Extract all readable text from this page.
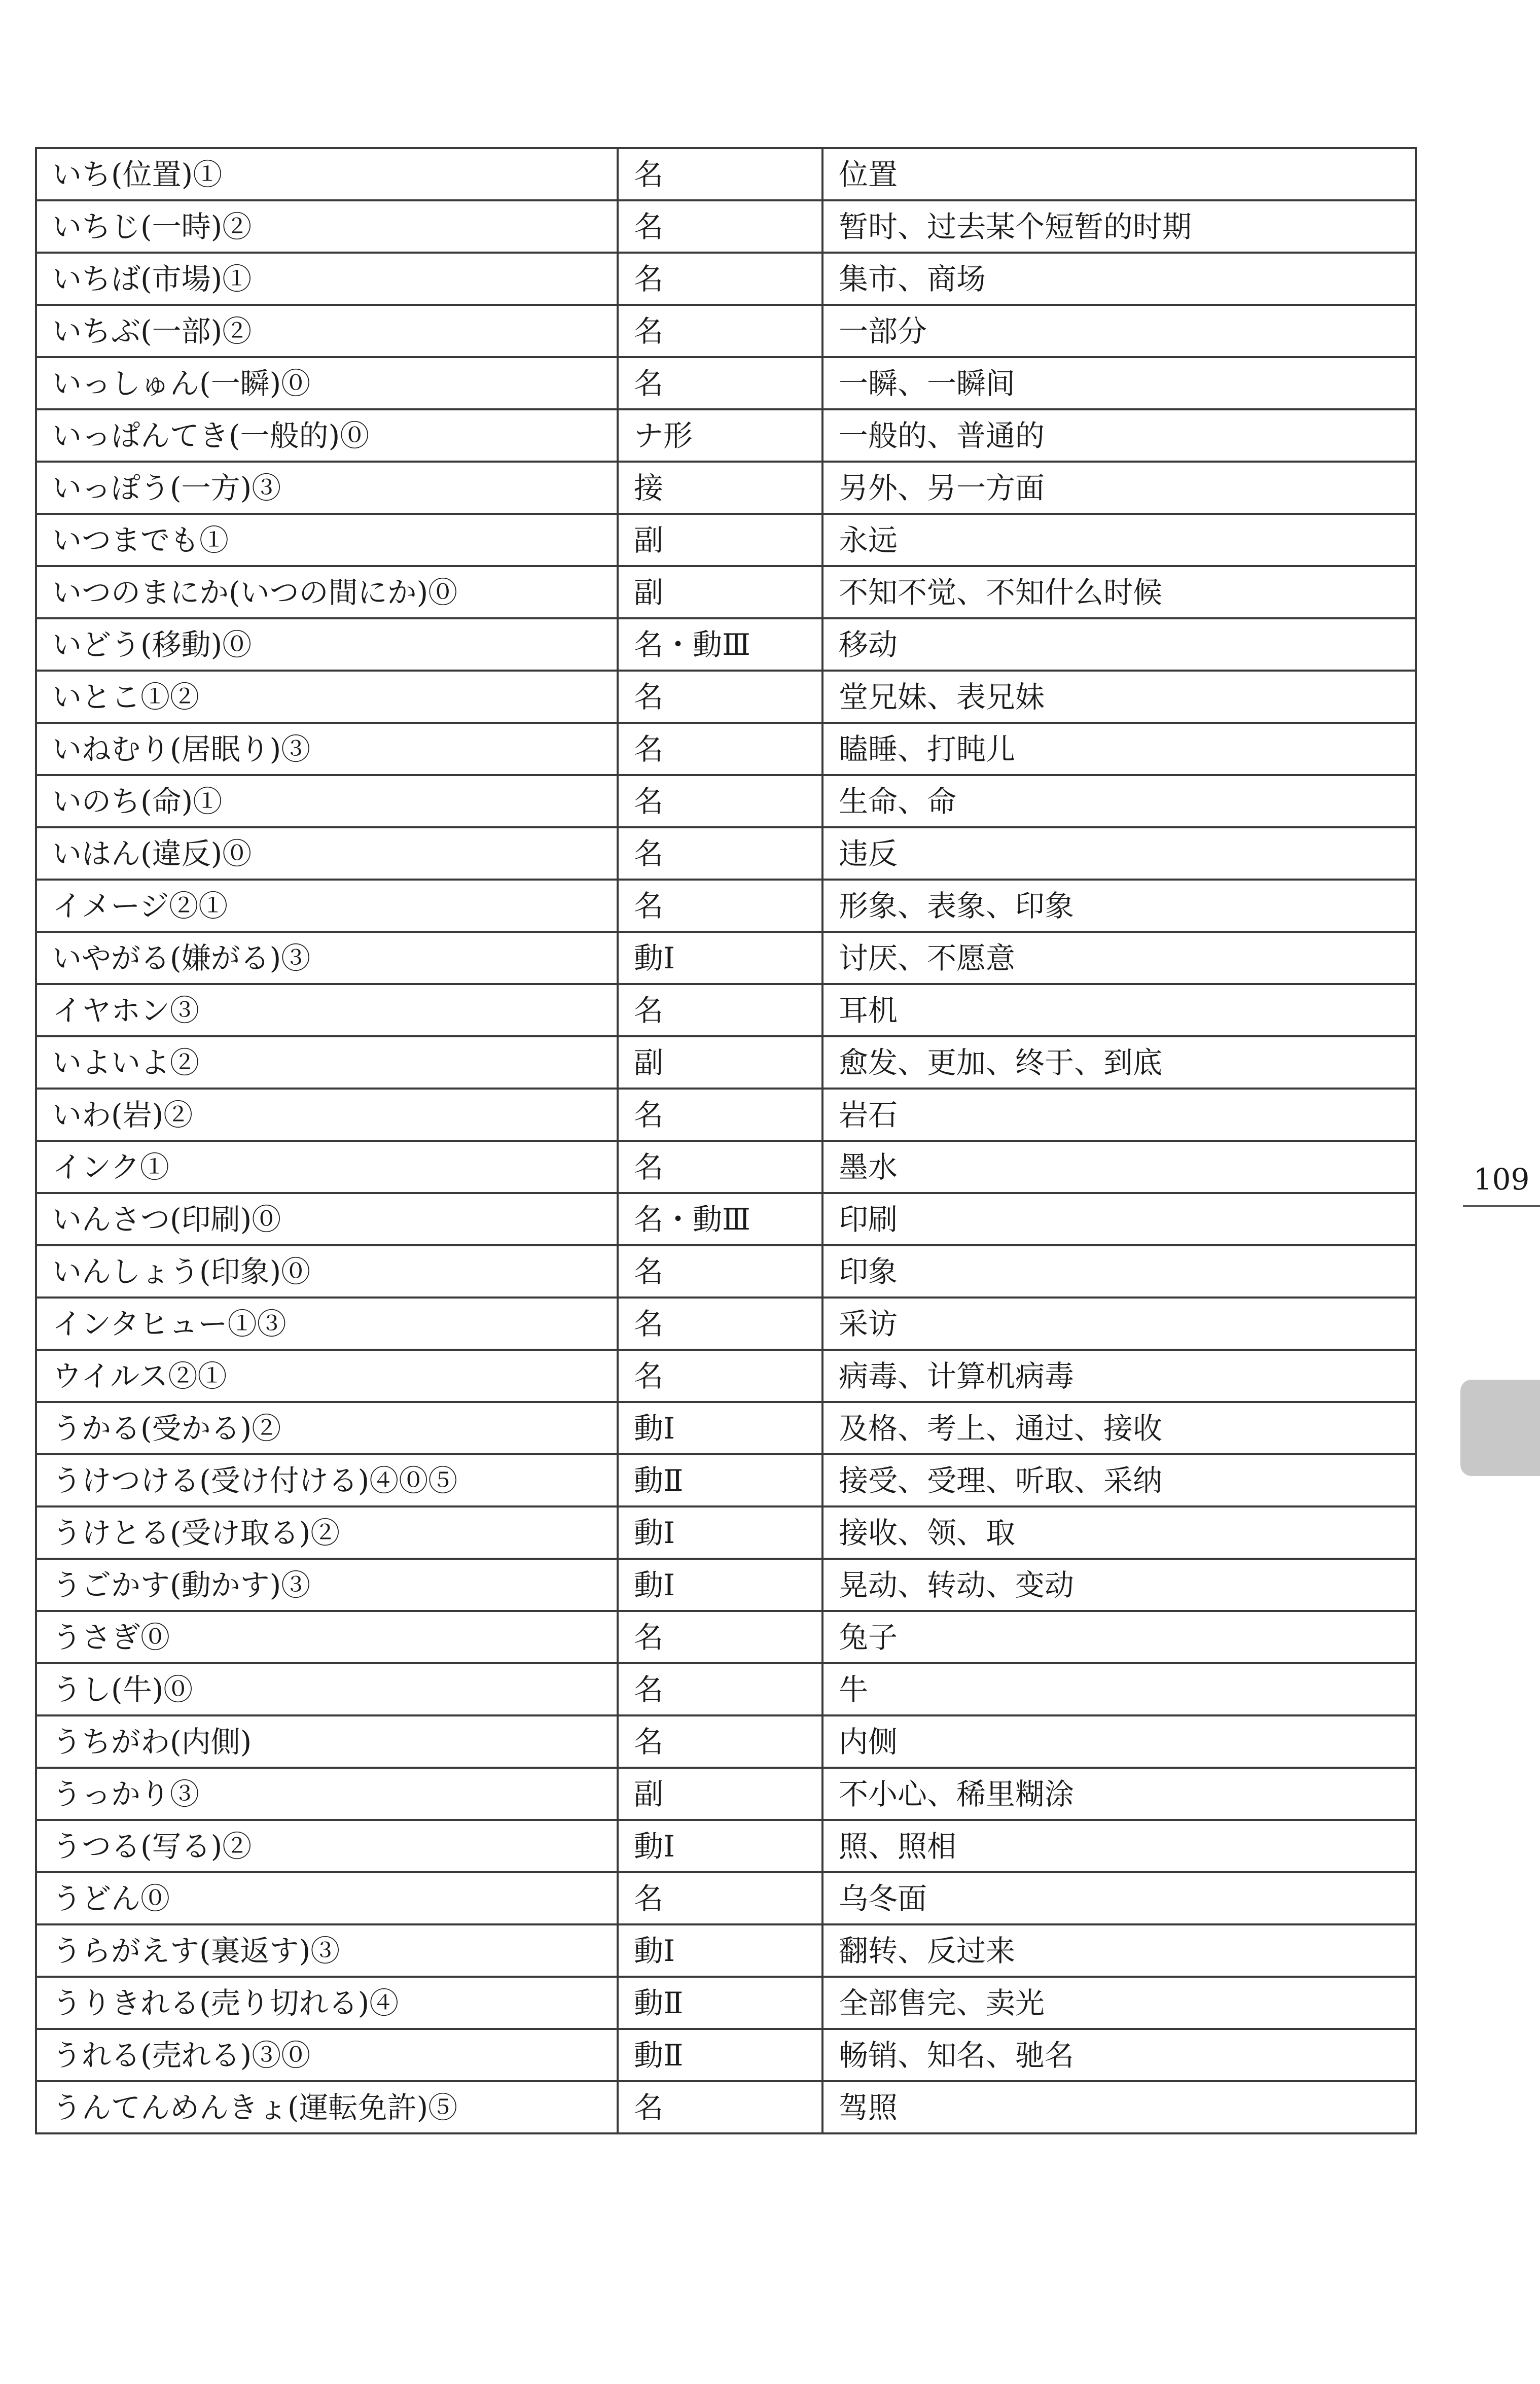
いち(位置)①	名	位置
いちじ(一時)②	名	暂时、过去某个短暂的时期
いちば(市場)①	名	集市、商场
いちぶ(一部)②	名	一部分
いっしゅん(一瞬)⓪	名	一瞬、一瞬间
いっぱんてき(一般的)⓪	ナ形	一般的、普通的
いっぽう(一方)③	接	另外、另一方面
いつまでも①	副	永远
いつのまにか(いつの間にか)⓪	副	不知不觉、不知什么时候
いどう(移動)⓪	名・動Ⅲ	移动
いとこ①②	名	堂兄妹、表兄妹
いねむり(居眠り)③	名	瞌睡、打盹儿
いのち(命)①	名	生命、命
いはん(違反)⓪	名	违反
イメージ②①	名	形象、表象、印象
いやがる(嫌がる)③	動Ⅰ	讨厌、不愿意
イヤホン③	名	耳机
いよいよ②	副	愈发、更加、终于、到底
いわ(岩)②	名	岩石
インク①	名	墨水
いんさつ(印刷)⓪	名・動Ⅲ	印刷
いんしょう(印象)⓪	名	印象
インタヒュー①③	名	采访
ウイルス②①	名	病毒、计算机病毒
うかる(受かる)②	動Ⅰ	及格、考上、通过、接收
うけつける(受け付ける)④⓪⑤	動Ⅱ	接受、受理、听取、采纳
うけとる(受け取る)②	動Ⅰ	接收、领、取
うごかす(動かす)③	動Ⅰ	晃动、转动、变动
うさぎ⓪	名	兔子
うし(牛)⓪	名	牛
うちがわ(内側)	名	内侧
うっかり③	副	不小心、稀里糊涂
うつる(写る)②	動Ⅰ	照、照相
うどん⓪	名	乌冬面
うらがえす(裏返す)③	動Ⅰ	翻转、反过来
うりきれる(売り切れる)④	動Ⅱ	全部售完、卖光
うれる(売れる)③⓪	動Ⅱ	畅销、知名、驰名
うんてんめんきょ(運転免許)⑤	名	驾照
109
